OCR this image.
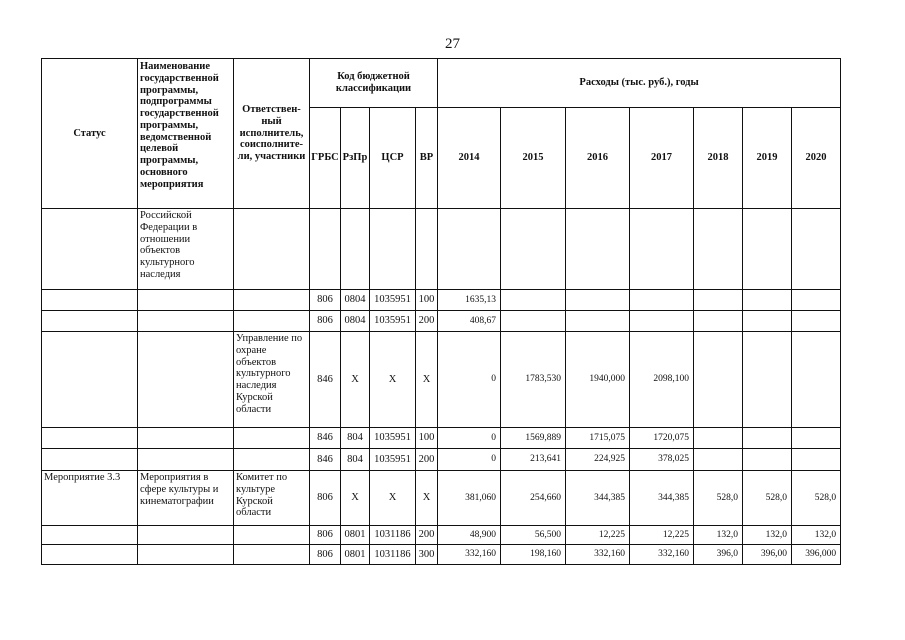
27
Статус	Наименование государственной программы, подпрограммы государственной программы, ведомственной целевой программы, основного мероприятия	Ответствен-ный исполнитель, соисполните-ли, участники	Код бюджетной классификации				Расходы (тыс. руб.), годы						
			ГРБС	РзПр	ЦСР	ВР	2014	2015	2016	2017	2018	2019	2020
	Российской Федерации в отношении объектов культурного наследия												
			806	0804	1035951	100	1635,13						
			806	0804	1035951	200	408,67						
		Управление по охране объектов культурного наследия Курской области	846	X	X	X	0	1783,530	1940,000	2098,100			
			846	804	1035951	100	0	1569,889	1715,075	1720,075			
			846	804	1035951	200	0	213,641	224,925	378,025			
Мероприятие 3.3	Мероприятия в сфере культуры и кинематографии	Комитет по культуре Курской области	806	X	X	X	381,060	254,660	344,385	344,385	528,0	528,0	528,0
			806	0801	1031186	200	48,900	56,500	12,225	12,225	132,0	132,0	132,0
			806	0801	1031186	300	332,160	198,160	332,160	332,160	396,0	396,00	396,000
